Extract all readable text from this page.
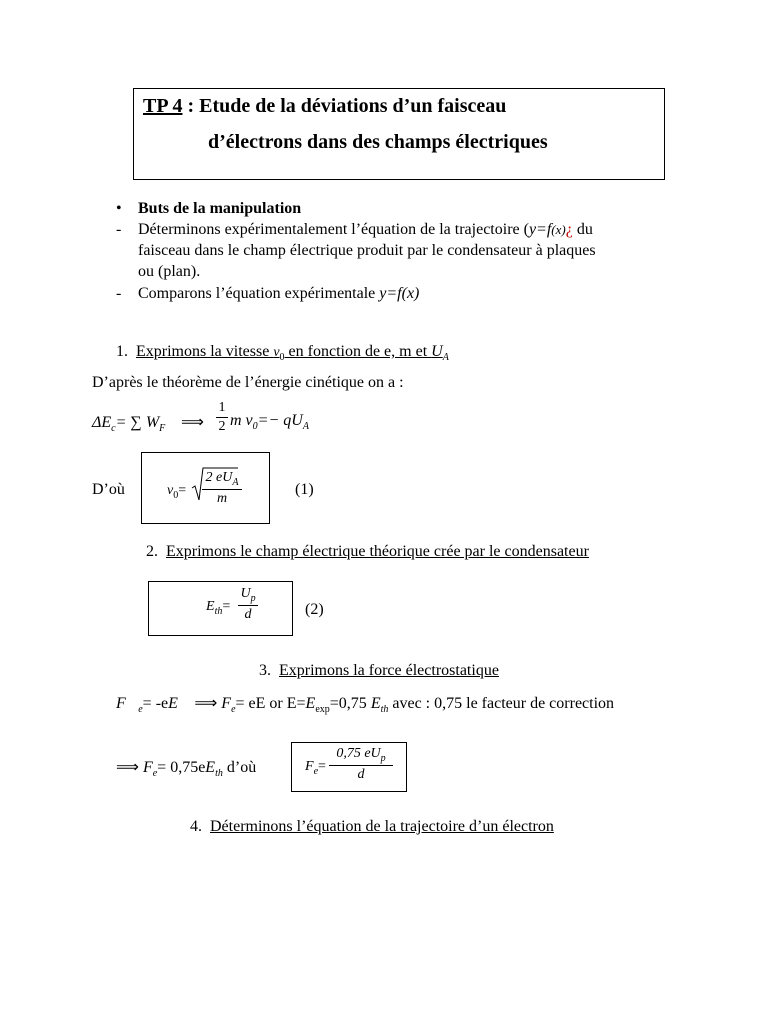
TP 4 : Etude de la déviations d’un faisceau
d’électrons dans des champs électriques
• Buts de la manipulation
- Déterminons expérimentalement l’équation de la trajectoire (y=f(x)¿ du
faisceau dans le champ électrique produit par le condensateur à plaques
ou (plan).
- Comparons l’équation expérimentale y=f(x)
1. Exprimons la vitesse $v_0$ en fonction de e, m et $U_A$
D’après le théorème de l’énergie cinétique on a :
$\Delta E_c=$ ∑ $W_{F⃗}$ ⟹
1
2 m $v_0=- qU_A$
D’où	$v_0=$
2 $eU_A$
m
(1)
2. Exprimons le champ électrique théorique crée par le condensateur
$E_{th}=$
$U_p$
d	(2)
3. Exprimons la force électrostatique
$F⃗_e=$ -eE⃗ ⟹ $F_e=$ eE or $E=E_{exp}=0,75$ $E_{th}$ avec : 0,75 le facteur de correction
⟹ $F_e= 0,75eE_{th}$ d’où	$F_e=$
0,75 $eU_p$
d
4. Déterminons l’équation de la trajectoire d’un électron
